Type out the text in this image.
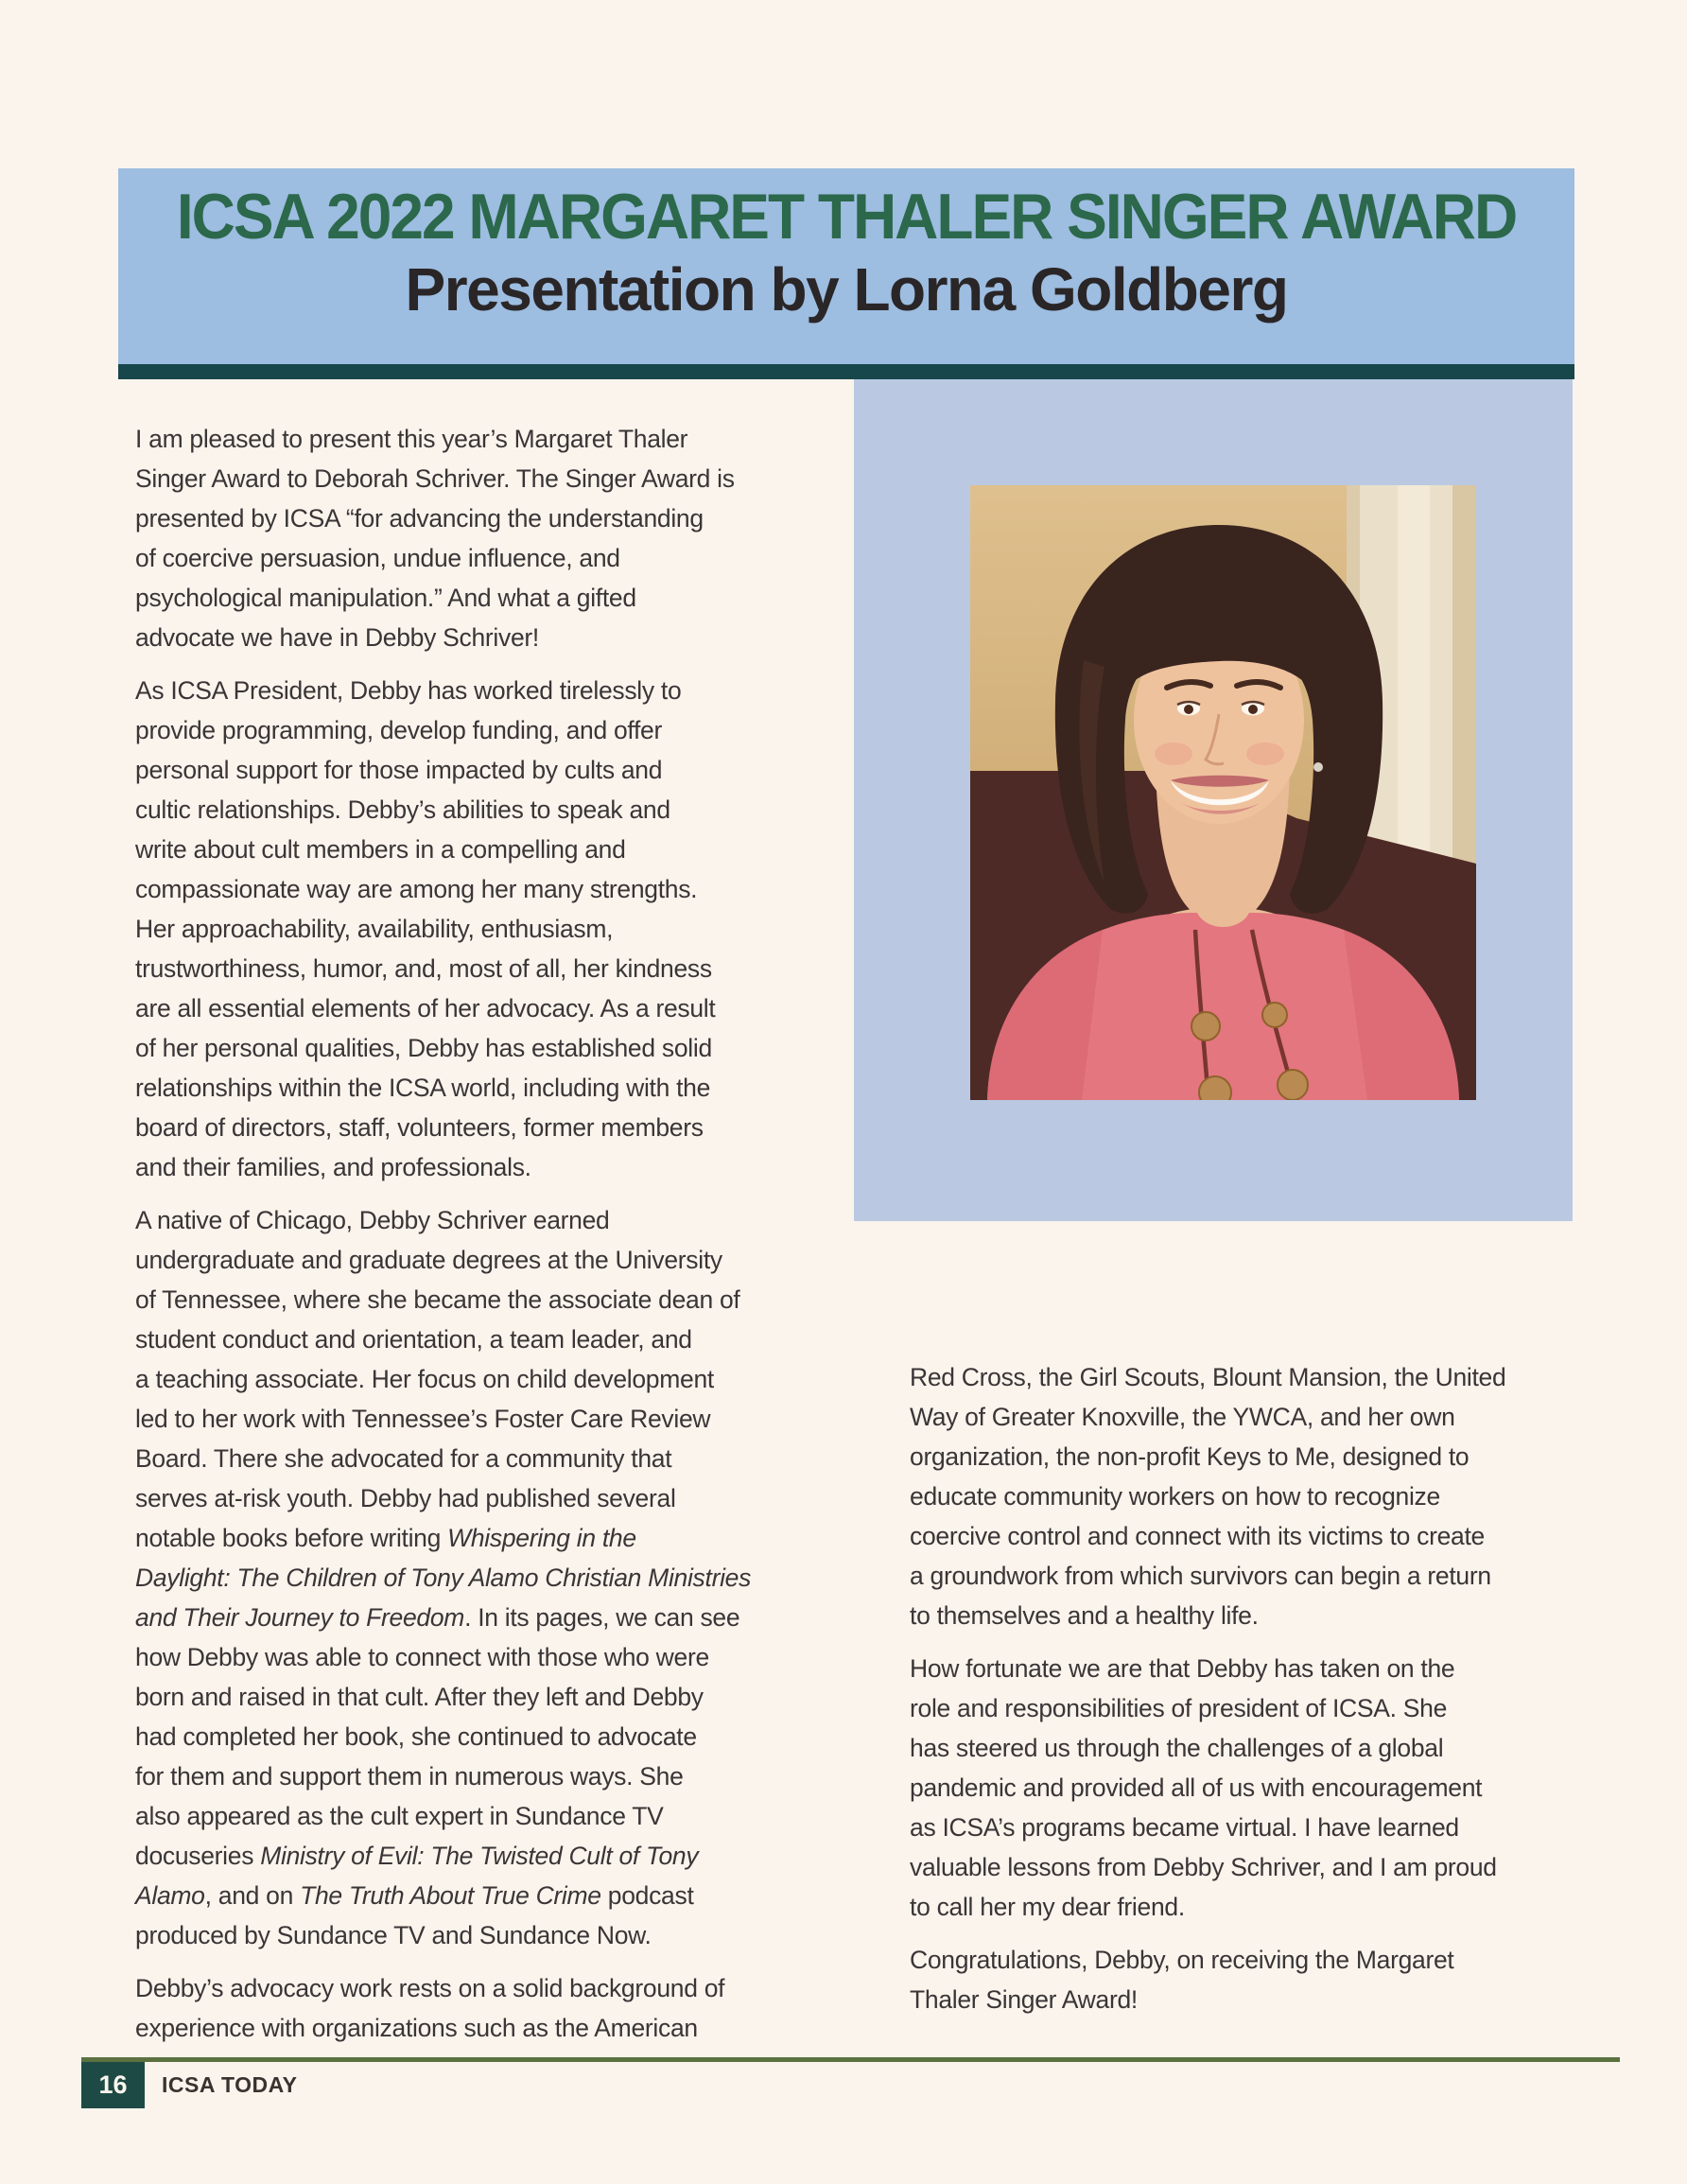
ICSA 2022 MARGARET THALER SINGER AWARD
Presentation by Lorna Goldberg
I am pleased to present this year’s Margaret Thaler
Singer Award to Deborah Schriver. The Singer Award is
presented by ICSA “for advancing the understanding
of coercive persuasion, undue influence, and
psychological manipulation.” And what a gifted
advocate we have in Debby Schriver!
As ICSA President, Debby has worked tirelessly to
provide programming, develop funding, and offer
personal support for those impacted by cults and
cultic relationships. Debby’s abilities to speak and
write about cult members in a compelling and
compassionate way are among her many strengths.
Her approachability, availability, enthusiasm,
trustworthiness, humor, and, most of all, her kindness
are all essential elements of her advocacy. As a result
of her personal qualities, Debby has established solid
relationships within the ICSA world, including with the
board of directors, staff, volunteers, former members
and their families, and professionals.
A native of Chicago, Debby Schriver earned
undergraduate and graduate degrees at the University
of Tennessee, where she became the associate dean of
student conduct and orientation, a team leader, and
a teaching associate. Her focus on child development
led to her work with Tennessee’s Foster Care Review
Board. There she advocated for a community that
serves at-risk youth. Debby had published several
notable books before writing Whispering in the
Daylight: The Children of Tony Alamo Christian Ministries
and Their Journey to Freedom. In its pages, we can see
how Debby was able to connect with those who were
born and raised in that cult. After they left and Debby
had completed her book, she continued to advocate
for them and support them in numerous ways. She
also appeared as the cult expert in Sundance TV
docuseries Ministry of Evil: The Twisted Cult of Tony
Alamo, and on The Truth About True Crime podcast
produced by Sundance TV and Sundance Now.
Debby’s advocacy work rests on a solid background of
experience with organizations such as the American
Red Cross, the Girl Scouts, Blount Mansion, the United
Way of Greater Knoxville, the YWCA, and her own
organization, the non-profit Keys to Me, designed to
educate community workers on how to recognize
coercive control and connect with its victims to create
a groundwork from which survivors can begin a return
to themselves and a healthy life.
How fortunate we are that Debby has taken on the
role and responsibilities of president of ICSA. She
has steered us through the challenges of a global
pandemic and provided all of us with encouragement
as ICSA’s programs became virtual. I have learned
valuable lessons from Debby Schriver, and I am proud
to call her my dear friend.
Congratulations, Debby, on receiving the Margaret
Thaler Singer Award!
16 ICSA TODAY
